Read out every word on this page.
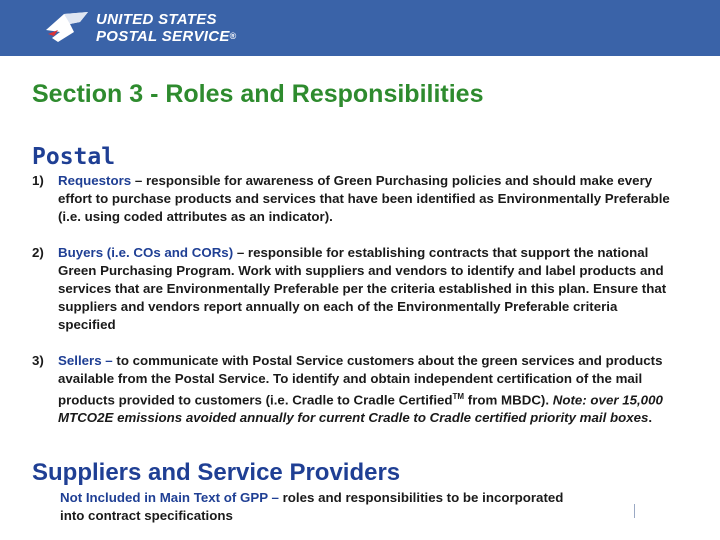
UNITED STATES
POSTAL SERVICE®
Section 3 - Roles and Responsibilities
Postal
1) Requestors – responsible for awareness of Green Purchasing policies and should make every effort to purchase products and services that have been identified as Environmentally Preferable (i.e. using coded attributes as an indicator).
2) Buyers (i.e. COs and CORs) – responsible for establishing contracts that support the national Green Purchasing Program. Work with suppliers and vendors to identify and label products and services that are Environmentally Preferable per the criteria established in this plan. Ensure that suppliers and vendors report annually on each of the Environmentally Preferable criteria specified
3) Sellers – to communicate with Postal Service customers about the green services and products available from the Postal Service. To identify and obtain independent certification of the mail products provided to customers (i.e. Cradle to Cradle Certified™ from MBDC). Note: over 15,000 MTCO2E emissions avoided annually for current Cradle to Cradle certified priority mail boxes.
Suppliers and Service Providers
Not Included in Main Text of GPP – roles and responsibilities to be incorporated into contract specifications
